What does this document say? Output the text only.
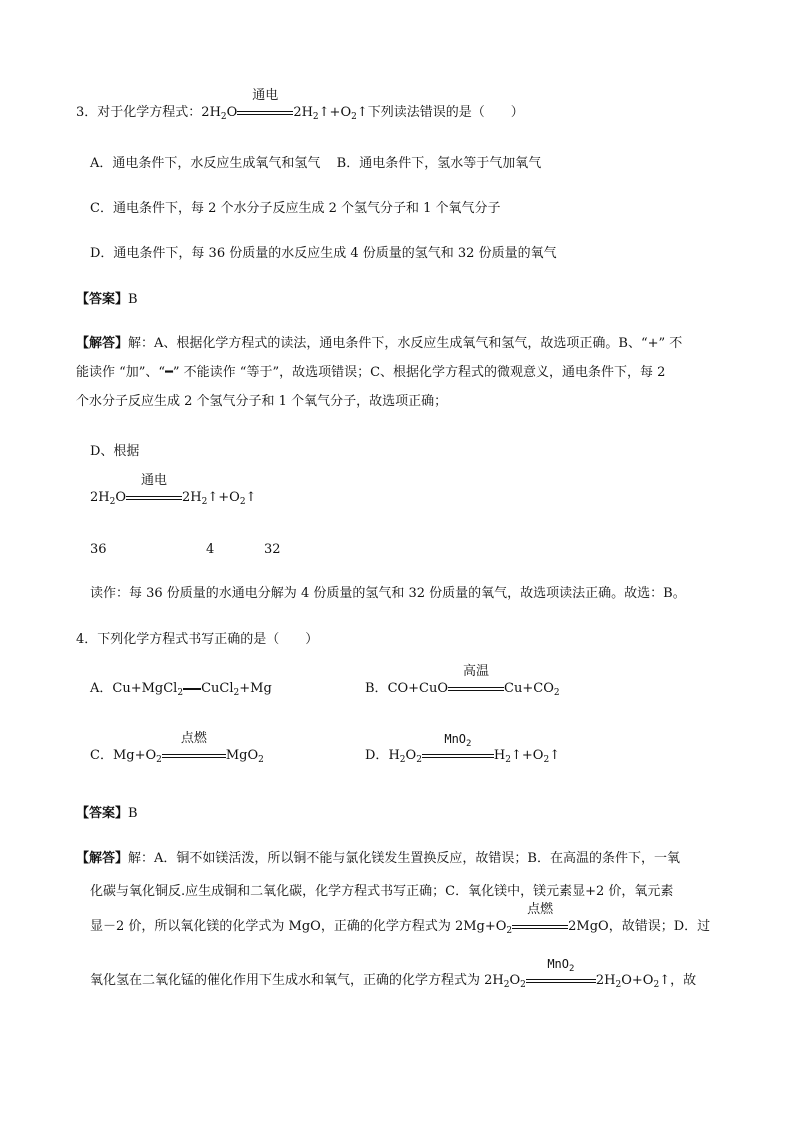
3．对于化学方程式：$2H_2O$
通电
$2H_2↑+O_2↑$下列读法错误的是（　　）
A．通电条件下，水反应生成氧气和氢气 B．通电条件下，氢水等于气加氧气
C．通电条件下，每 2 个水分子反应生成 2 个氢气分子和 1 个氧气分子
D．通电条件下，每 36 份质量的水反应生成 4 份质量的氢气和 32 份质量的氧气
【答案】B
【解答】解：A、根据化学方程式的读法，通电条件下，水反应生成氧气和氢气，故选项正确。B、“+” 不
能读作 “加”、“━” 不能读作 “等于”，故选项错误；C、根据化学方程式的微观意义，通电条件下，每 2
个水分子反应生成 2 个氢气分子和 1 个氧气分子，故选项正确；
D、根据
$2H_2O$
通电
$2H_2↑+O_2↑$
36	4	32
读作：每 36 份质量的水通电分解为 4 份质量的氢气和 32 份质量的氧气，故选项读法正确。故选：B。
4．下列化学方程式书写正确的是（　　）
A．Cu+MgCl$_2$ CuCl$_2$+Mg	B．CO+CuO
高温
$Cu+CO_2$
C．$Mg+O_2$
点燃
MgO$_2$	D．$H_2O_2$
MnO$_2$
$H_2↑+O_2↑$
【答案】B
【解答】解：A．铜不如镁活泼，所以铜不能与氯化镁发生置换反应，故错误；B．在高温的条件下，一氧
化碳与氧化铜反.应生成铜和二氧化碳，化学方程式书写正确；C．氧化镁中，镁元素显+2 价，氧元素
显－2 价，所以氧化镁的化学式为 MgO，正确的化学方程式为 $2Mg+O_2$
点燃
2MgO，故错误；D．过
氧化氢在二氧化锰的催化作用下生成水和氧气，正确的化学方程式为 $2H_2O_2$
MnO$_2$
$2H_2O+O_2↑$，故
